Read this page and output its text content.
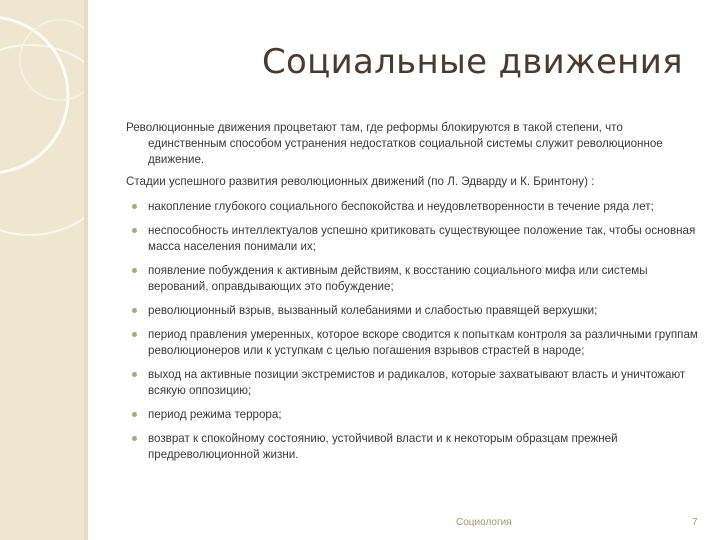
Социальные движения

Революционные движения процветают там, где реформы блокируются в такой степени, что единственным способом устранения недостатков социальной системы служит революционное движение.

Стадии успешного развития революционных движений (по Л. Эдварду и К. Бринтону) :

накопление глубокого социального беспокойства и неудовлетворенности в течение ряда лет;
неспособность интеллектуалов успешно критиковать существующее положение так, чтобы основная масса населения понимали их;
появление побуждения к активным действиям, к восстанию социального мифа или системы верований, оправдывающих это побуждение;
революционный взрыв, вызванный колебаниями и слабостью правящей верхушки;
период правления умеренных, которое вскоре сводится к попыткам контроля за различными группам революционеров или к уступкам с целью погашения взрывов страстей в народе;
выход на активные позиции экстремистов и радикалов, которые захватывают власть и уничтожают всякую оппозицию;
период режима террора;
возврат к спокойному состоянию, устойчивой власти и к некоторым образцам прежней предреволюционной жизни.
Социология	7
